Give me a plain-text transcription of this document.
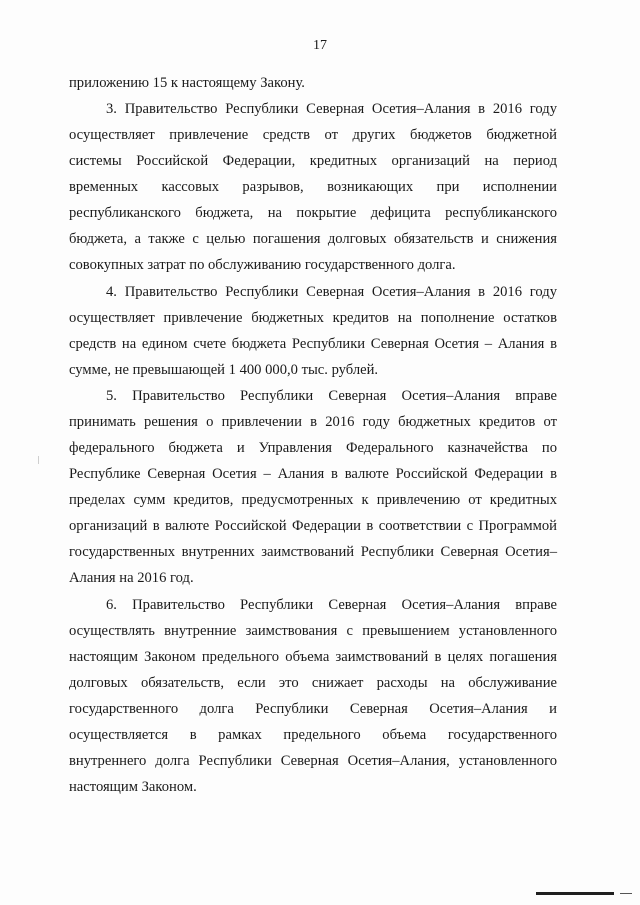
17
приложению 15 к настоящему Закону.
3. Правительство Республики Северная Осетия–Алания в 2016 году
осуществляет привлечение средств от других бюджетов бюджетной
системы Российской Федерации, кредитных организаций на период
временных кассовых разрывов, возникающих при исполнении
республиканского бюджета, на покрытие дефицита республиканского
бюджета, а также с целью погашения долговых обязательств и снижения
совокупных затрат по обслуживанию государственного долга.
4. Правительство Республики Северная Осетия–Алания в 2016 году
осуществляет привлечение бюджетных кредитов на пополнение остатков
средств на едином счете бюджета Республики Северная Осетия – Алания в
сумме, не превышающей 1 400 000,0 тыс. рублей.
5. Правительство Республики Северная Осетия–Алания вправе
принимать решения о привлечении в 2016 году бюджетных кредитов от
федерального бюджета и Управления Федерального казначейства по
Республике Северная Осетия – Алания в валюте Российской Федерации в
пределах сумм кредитов, предусмотренных к привлечению от кредитных
организаций в валюте Российской Федерации в соответствии с Программой
государственных внутренних заимствований Республики Северная Осетия–
Алания на 2016 год.
6. Правительство Республики Северная Осетия–Алания вправе
осуществлять внутренние заимствования с превышением установленного
настоящим Законом предельного объема заимствований в целях погашения
долговых обязательств, если это снижает расходы на обслуживание
государственного долга Республики Северная Осетия–Алания и
осуществляется в рамках предельного объема государственного
внутреннего долга Республики Северная Осетия–Алания, установленного
настоящим Законом.
